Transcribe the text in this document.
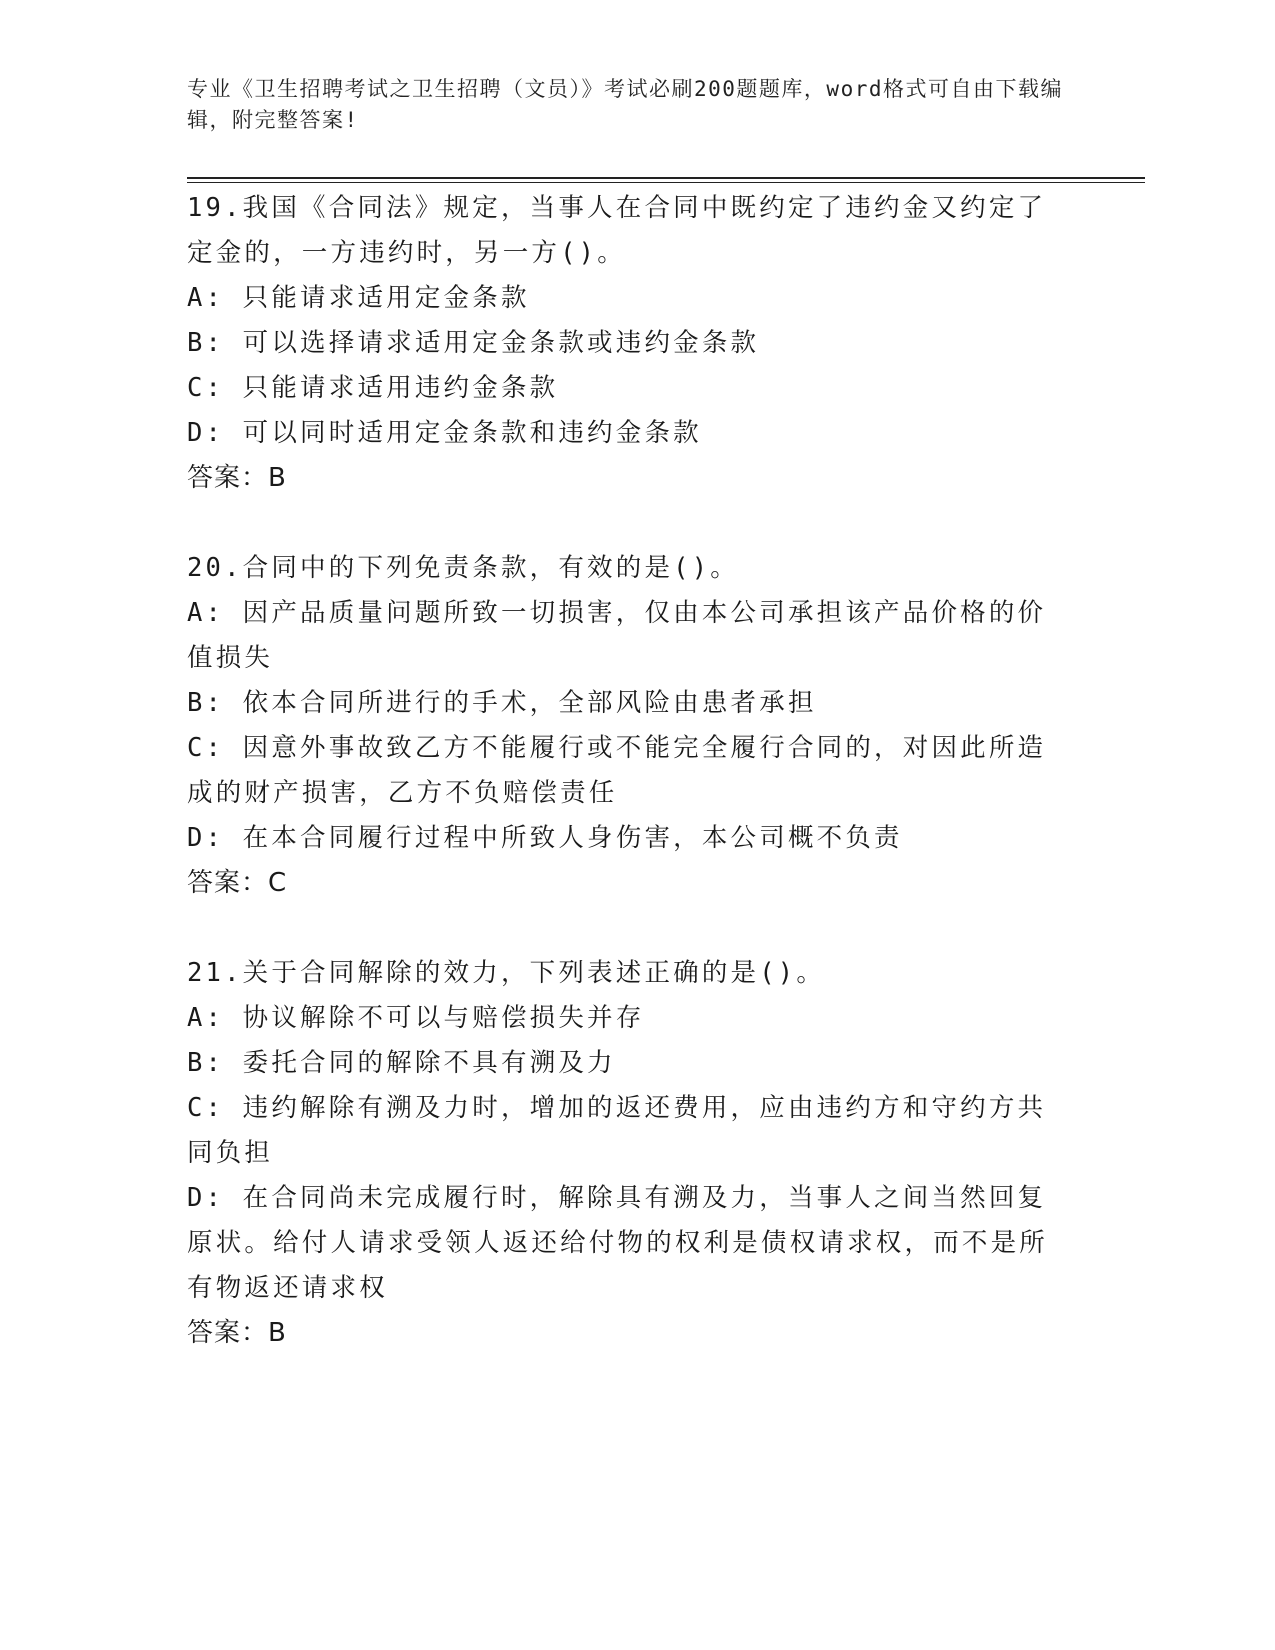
专业《卫生招聘考试之卫生招聘（文员）》考试必刷200题题库，word格式可自由下载编辑，附完整答案!
19.我国《合同法》规定，当事人在合同中既约定了违约金又约定了定金的，一方违约时，另一方()。
A: 只能请求适用定金条款
B: 可以选择请求适用定金条款或违约金条款
C: 只能请求适用违约金条款
D: 可以同时适用定金条款和违约金条款
答案：B
20.合同中的下列免责条款，有效的是()。
A: 因产品质量问题所致一切损害，仅由本公司承担该产品价格的价值损失
B: 依本合同所进行的手术，全部风险由患者承担
C: 因意外事故致乙方不能履行或不能完全履行合同的，对因此所造成的财产损害，乙方不负赔偿责任
D: 在本合同履行过程中所致人身伤害，本公司概不负责
答案：C
21.关于合同解除的效力，下列表述正确的是()。
A: 协议解除不可以与赔偿损失并存
B: 委托合同的解除不具有溯及力
C: 违约解除有溯及力时，增加的返还费用，应由违约方和守约方共同负担
D: 在合同尚未完成履行时，解除具有溯及力，当事人之间当然回复原状。给付人请求受领人返还给付物的权利是债权请求权，而不是所有物返还请求权
答案：B
